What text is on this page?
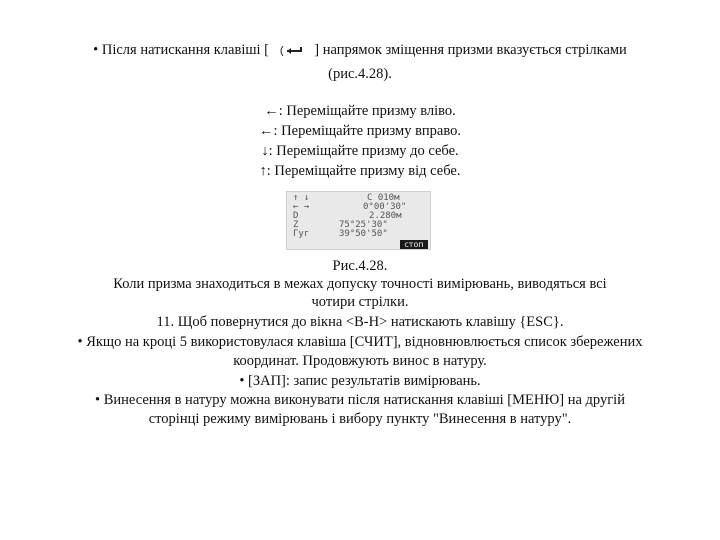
• Після натискання клавіші [	] напрямок зміщення призми вказується стрілками
(рис.4.28).
←: Переміщайте призму вліво.
←: Переміщайте призму вправо.
↓: Переміщайте призму до себе.
↑: Переміщайте призму від себе.
↑ ↓	C 010м
← →	0°00'30"
D	2.280м
Z	75°25'30"
Гуг	39°50'50"
стоп
Рис.4.28.
Коли призма знаходиться в межах допуску точності вимірювань, виводяться всі
чотири стрілки.
11. Щоб повернутися до вікна <В-Н> натискають клавішу {ESC}.
• Якщо на кроці 5 використовулася клавіша [СЧИТ], відновнювлюється список збережених
координат. Продовжують винос в натуру.
• [ЗАП]: запис результатів вимірювань.
• Винесення в натуру можна виконувати після натискання клавіші [МЕНЮ] на другій
сторінці режиму вимірювань і вибору пункту "Винесення в натуру".
